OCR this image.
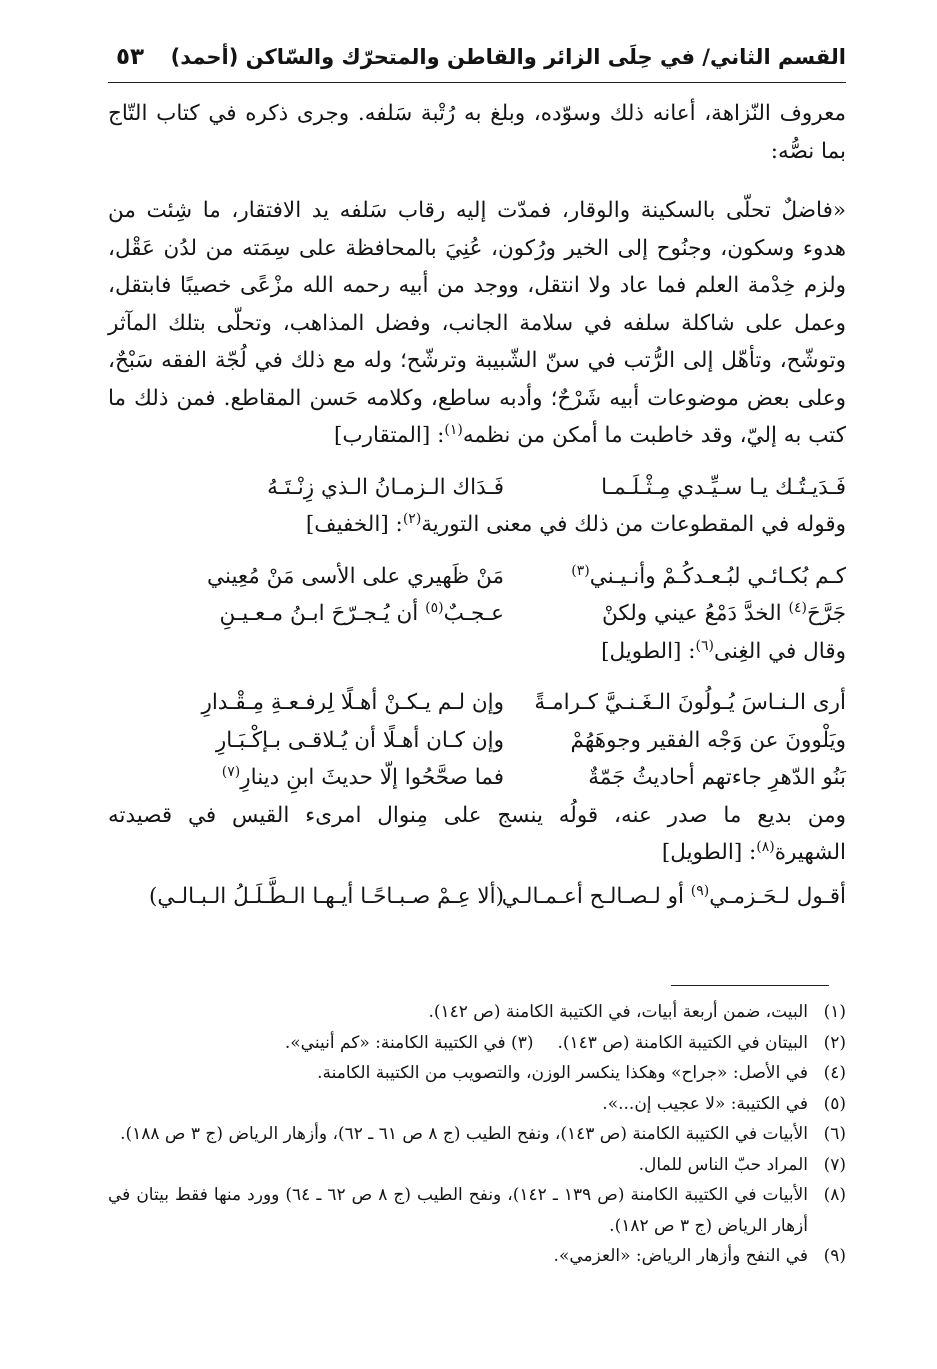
القسم الثاني/ في حِلَى الزائر والقاطن والمتحرّك والسّاكن (أحمد)
٥٣

معروف النّزاهة، أعانه ذلك وسوّده، وبلغ به رُتْبة سَلفه. وجرى ذكره في كتاب التّاج بما نصُّه:

«فاضلٌ تحلّى بالسكينة والوقار، فمدّت إليه رقاب سَلفه يد الافتقار، ما شِئت من هدوء وسكون، وجنُوح إلى الخير ورُكون، عُنِيَ بالمحافظة على سِمَته من لدُن عَقْل، ولزم خِدْمة العلم فما عاد ولا انتقل، ووجد من أبيه رحمه الله مزْعًى خصيبًا فابتقل، وعمل على شاكلة سلفه في سلامة الجانب، وفضل المذاهب، وتحلّى بتلك المآثر وتوشّح، وتأهّل إلى الرُّتب في سنّ الشّبيبة وترشّح؛ وله مع ذلك في لُجّة الفقه سَبْحٌ، وعلى بعض موضوعات أبيه شَرْحٌ؛ وأدبه ساطع، وكلامه حَسن المقاطع. فمن ذلك ما كتب به إليّ، وقد خاطبت ما أمكن من نظمه$^{(١)}$: [المتقارب]

فَـدَيـتُـك يـا سـيِّـدي مِـثْـلَـمـا
فَـدَاك الـزمـانُ الـذي زِنْـتَـهُ

وقوله في المقطوعات من ذلك في معنى التورية$^{(٢)}$: [الخفيف]

كـم بُكـائـي لبُـعـدكُـمْ وأنـيـني$^{(٣)}$
مَنْ ظَهيري على الأسى مَنْ مُعِيني
جَرَّحَ$^{(٤)}$ الخدَّ دَمْعُ عيني ولكنْ
عـجـبٌ$^{(٥)}$ أن يُـجـرّحَ ابـنُ مـعـيـنِ

وقال في الغِنى$^{(٦)}$: [الطويل]

أرى الـنـاسَ يُـولُونَ الـغَـنـيَّ كـرامـةً
وإن لـم يـكـنْ أهـلًا لِرفـعـةِ مِـقْـدارِ
ويَلْوونَ عن وَجْه الفقير وجوهَهُمْ
وإن كـان أهـلًا أن يُـلاقـى بـإكْـبَـارِ
بَنُو الدّهرِ جاءتهم أحاديثُ جَمّةٌ
فما صحَّحُوا إلّا حديثَ ابنِ دينارِ$^{(٧)}$

ومن بديع ما صدر عنه، قولُه ينسج على مِنوال امرىء القيس في قصيدته الشهيرة$^{(٨)}$: [الطويل]

أقـول لـحَـزمـي$^{(٩)}$ أو لـصـالـح أعـمـالـي
(ألا عِـمْ صـبـاحًـا أيـهـا الـطَّـلَـلُ الـبـالـي)
(١)
البيت، ضمن أربعة أبيات، في الكتيبة الكامنة (ص ١٤٢).
(٢)
البيتان في الكتيبة الكامنة (ص ١٤٣).(٣) في الكتيبة الكامنة: «كم أنيني».
(٤)
في الأصل: «جراح» وهكذا ينكسر الوزن، والتصويب من الكتيبة الكامنة.
(٥)
في الكتيبة: «لا عجيب إن...».
(٦)
الأبيات في الكتيبة الكامنة (ص ١٤٣)، ونفح الطيب (ج ٨ ص ٦١ ـ ٦٢)، وأزهار الرياض (ج ٣ ص ١٨٨).
(٧)
المراد حبّ الناس للمال.
(٨)
الأبيات في الكتيبة الكامنة (ص ١٣٩ ـ ١٤٢)، ونفح الطيب (ج ٨ ص ٦٢ ـ ٦٤) وورد منها فقط بيتان في أزهار الرياض (ج ٣ ص ١٨٢).
(٩)
في النفح وأزهار الرياض: «العزمي».
